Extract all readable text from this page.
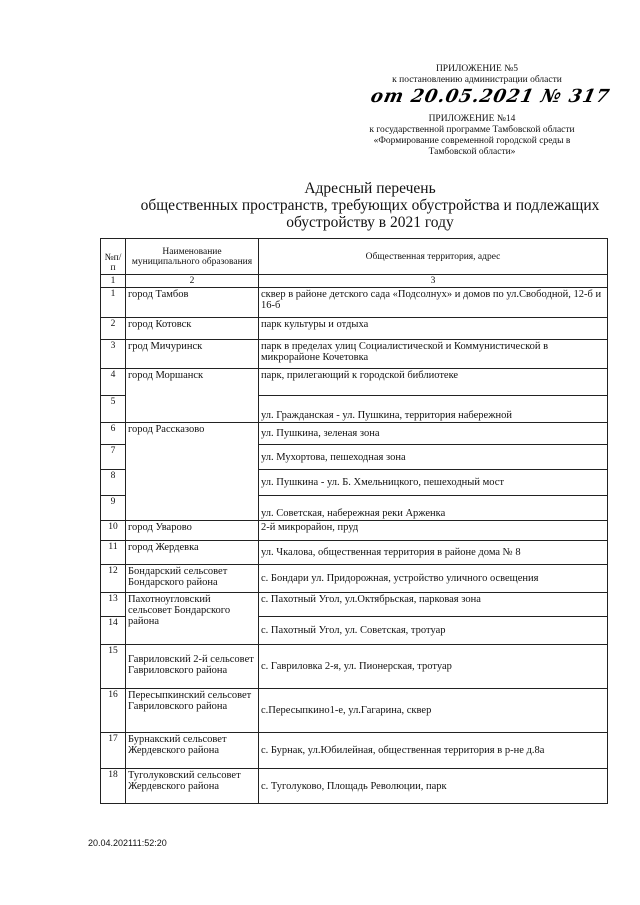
ПРИЛОЖЕНИЕ №5
к постановлению администрации области
от 20.05.2021 № 317
ПРИЛОЖЕНИЕ №14
к государственной программе Тамбовской области
«Формирование современной городской среды в
Тамбовской области»
Адресный перечень
общественных пространств, требующих обустройства и подлежащих
обустройству в 2021 году
№п/п	Наименование муниципального образования	Общественная территория, адрес
1	2	3
1	город Тамбов	сквер в районе детского сада «Подсолнух» и домов по ул.Свободной, 12-б и 16-б
2	город Котовск	парк культуры и отдыха
3	грод Мичуринск	парк в пределах улиц Социалистической и Коммунистической в микрорайоне Кочетовка
4	город Моршанск	парк, прилегающий к городской библиотеке
5		ул. Гражданская - ул. Пушкина, территория набережной
6	город Рассказово	ул. Пушкина, зеленая зона
7		ул. Мухортова, пешеходная зона
8		ул. Пушкина - ул. Б. Хмельницкого, пешеходный мост
9		ул. Советская, набережная реки Арженка
10	город Уварово	2-й микрорайон, пруд
11	город Жердевка	ул. Чкалова, общественная территория в районе дома № 8
12	Бондарский сельсовет Бондарского района	с. Бондари ул. Придорожная, устройство уличного освещения
13	Пахотноугловский сельсовет Бондарского района	с. Пахотный Угол, ул.Октябрьская, парковая зона
14		с. Пахотный Угол, ул. Советская, тротуар
15	Гавриловский 2-й сельсовет Гавриловского района	с. Гавриловка 2-я, ул. Пионерская, тротуар
16	Пересыпкинский сельсовет Гавриловского района	с.Пересыпкино1-е, ул.Гагарина, сквер
17	Бурнакский сельсовет Жердевского района	с. Бурнак, ул.Юбилейная, общественная территория в р-не д.8а
18	Туголуковский сельсовет Жердевского района	с. Туголуково, Площадь Революции, парк
20.04.202111:52:20
